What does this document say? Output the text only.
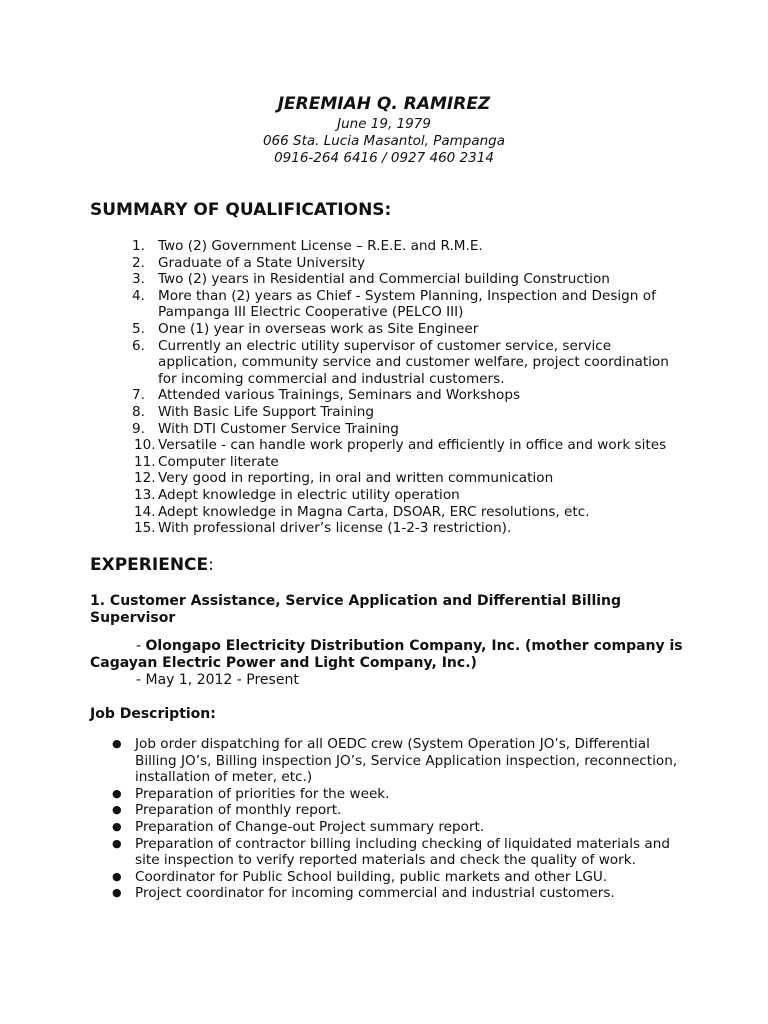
JEREMIAH Q. RAMIREZ
June 19, 1979
066 Sta. Lucia Masantol, Pampanga
0916-264 6416 / 0927 460 2314
SUMMARY OF QUALIFICATIONS:
1. Two (2) Government License – R.E.E. and R.M.E.
2. Graduate of a State University
3. Two (2) years in Residential and Commercial building Construction
4. More than (2) years as Chief - System Planning, Inspection and Design of Pampanga III Electric Cooperative (PELCO III)
5. One (1) year in overseas work as Site Engineer
6. Currently an electric utility supervisor of customer service, service application, community service and customer welfare, project coordination for incoming commercial and industrial customers.
7. Attended various Trainings, Seminars and Workshops
8. With Basic Life Support Training
9. With DTI Customer Service Training
10. Versatile - can handle work properly and efficiently in office and work sites
11. Computer literate
12. Very good in reporting, in oral and written communication
13. Adept knowledge in electric utility operation
14. Adept knowledge in Magna Carta, DSOAR, ERC resolutions, etc.
15. With professional driver’s license (1-2-3 restriction).
EXPERIENCE:
1. Customer Assistance, Service Application and Differential Billing Supervisor
- Olongapo Electricity Distribution Company, Inc. (mother company is Cagayan Electric Power and Light Company, Inc.)
- May 1, 2012 - Present
Job Description:
● Job order dispatching for all OEDC crew (System Operation JO’s, Differential Billing JO’s, Billing inspection JO’s, Service Application inspection, reconnection, installation of meter, etc.)
● Preparation of priorities for the week.
● Preparation of monthly report.
● Preparation of Change-out Project summary report.
● Preparation of contractor billing including checking of liquidated materials and site inspection to verify reported materials and check the quality of work.
● Coordinator for Public School building, public markets and other LGU.
● Project coordinator for incoming commercial and industrial customers.
